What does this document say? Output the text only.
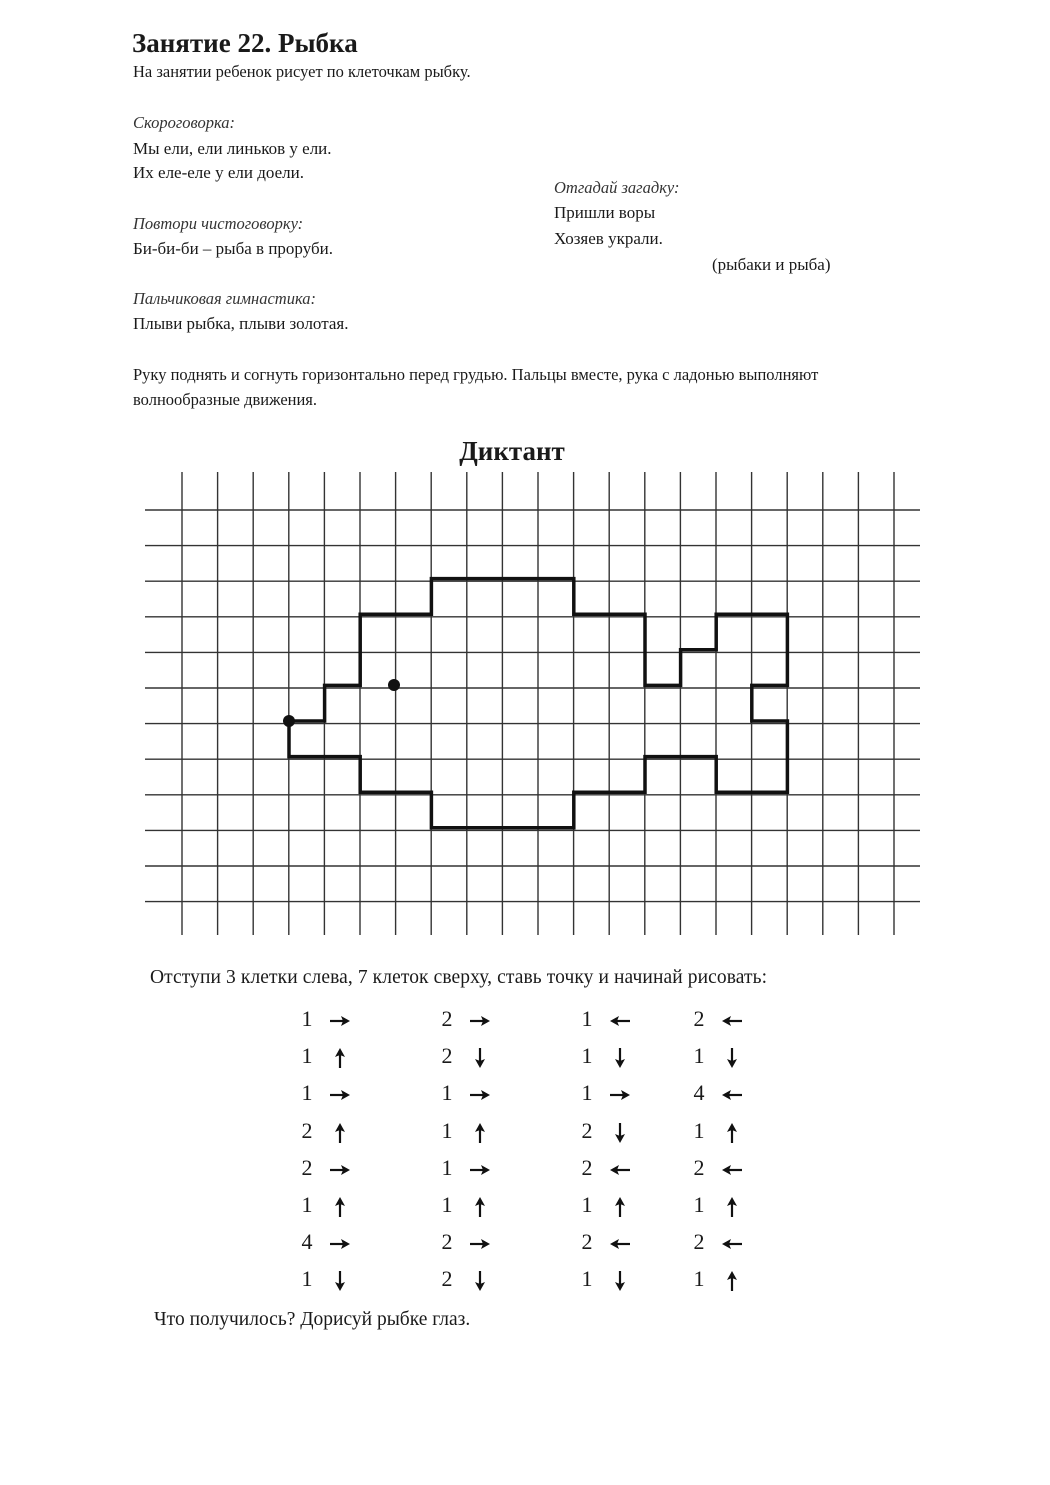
Занятие 22. Рыбка
На занятии ребенок рисует по клеточкам рыбку.
Скороговорка:
Мы ели, ели линьков у ели.
Их еле-еле у ели доели.
Отгадай загадку:
Пришли воры
Хозяев украли.
(рыбаки и рыба)
Повтори чистоговорку:
Би-би-би – рыба в проруби.
Пальчиковая гимнастика:
Плыви рыбка, плыви золотая.
Руку поднять и согнуть горизонтально перед грудью. Пальцы вместе, рука с ладонью выполняют волнообразные движения.
Диктант
Отступи 3 клетки слева, 7 клеток сверху, ставь точку и начинай рисовать:
1
1
1
2
2
1
4
1
2
2
1
1
1
1
2
2
1
1
1
2
2
1
2
1
2
1
4
1
2
1
2
1
Что получилось? Дорисуй рыбке глаз.
